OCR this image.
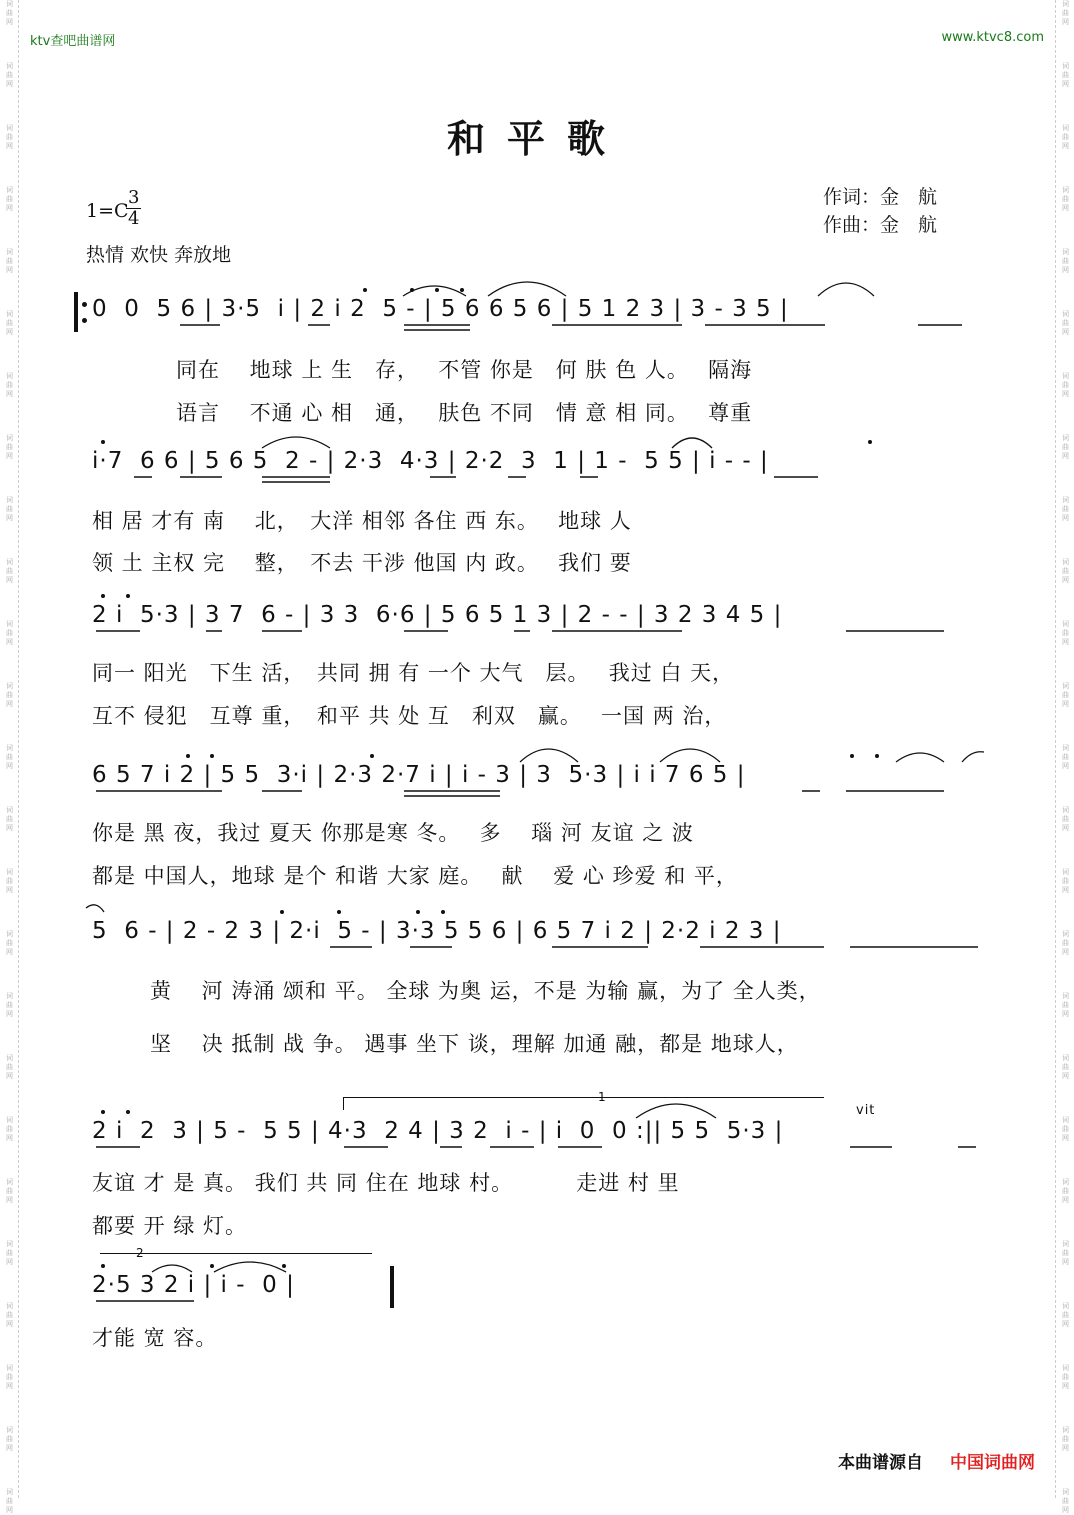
词
曲
网
词
曲
网
词
曲
网
词
曲
网
词
曲
网
词
曲
网
词
曲
网
词
曲
网
词
曲
网
词
曲
网
词
曲
网
词
曲
网
词
曲
网
词
曲
网
词
曲
网
词
曲
网
词
曲
网
词
曲
网
词
曲
网
词
曲
网
词
曲
网
词
曲
网
词
曲
网
词
曲
网
词
曲
网
词
曲
网
词
曲
网
词
曲
网
词
曲
网
词
曲
网
词
曲
网
词
曲
网
词
曲
网
词
曲
网
词
曲
网
词
曲
网
词
曲
网
词
曲
网
词
曲
网
词
曲
网
词
曲
网
词
曲
网
词
曲
网
词
曲
网
词
曲
网
词
曲
网
词
曲
网
词
曲
网
词
曲
网
词
曲
网
ktv查吧曲谱网	www.ktvc8.com
和平歌
1=C
3
4
热情 欢快 奔放地
作词：金　航
作曲：金　航
0  0  5 6 | 3·5  i | 2 i 2  5 - | 5 6 6 5 6 | 5 1 2 3 | 3 - 3 5 |
同在　 地球 上 生　存，　 不管 你是　何 肤 色 人。　 隔海
语言　 不通 心 相　通，　 肤色 不同　情 意 相 同。　 尊重
i·7  6 6 | 5 6 5  2 - | 2·3  4·3 | 2·2  3  1 | 1 -  5 5 | i - - |
相 居 才有 南　 北，　大洋 相邻 各住 西 东。　 地球 人
领 土 主权 完　 整，　不去 干涉 他国 内 政。　 我们 要
2 i  5·3 | 3 7  6 - | 3 3  6·6 | 5 6 5 1 3 | 2 - - | 3 2 3 4 5 |
同一 阳光　下生 活，　共同 拥 有 一个 大气　层。　 我过 白 天，
互不 侵犯　互尊 重，　和平 共 处 互　利双　赢。　 一国 两 治，
6 5 7 i 2 | 5 5  3·i | 2·3 2·7 i | i - 3 | 3  5·3 | i i 7 6 5 |
你是 黑 夜，我过 夏天 你那是寒 冬。　 多　 瑙 河 友谊 之 波
都是 中国人，地球 是个 和谐 大家 庭。　 献　 爱 心 珍爱 和 平，
5  6 - | 2 - 2 3 | 2·i  5 - | 3·3 5 5 6 | 6 5 7 i 2 | 2·2 i 2 3 |
黄　 河 涛涌 颂和 平。 全球 为奥 运，不是 为输 赢，为了 全人类，
坚　 决 抵制 战 争。 遇事 坐下 谈，理解 加通 融，都是 地球人，
1
vit
2 i  2  3 | 5 -  5 5 | 4·3  2 4 | 3 2  i - | i  0  0 :|| 5 5  5·3 |
友谊 才 是 真。 我们 共 同 住在 地球 村。　　　 走进 村 里
都要 开 绿 灯。
2
2·5 3 2 i | i -  0 |
才能 宽 容。
本曲谱源自 中国词曲网
